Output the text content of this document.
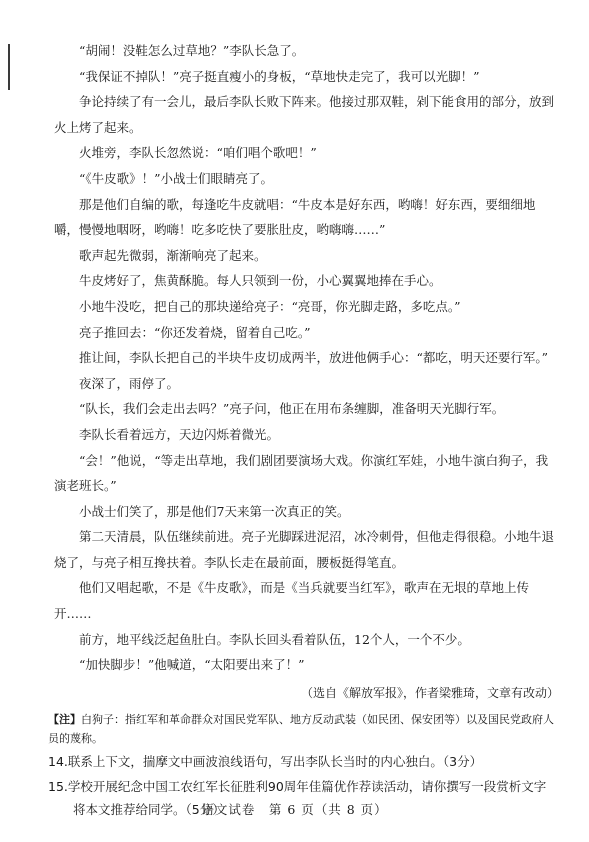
“胡闹！没鞋怎么过草地？”李队长急了。

“我保证不掉队！”亮子挺直瘦小的身板，“草地快走完了，我可以光脚！”

争论持续了有一会儿，最后李队长败下阵来。他接过那双鞋，剁下能食用的部分，放到火上烤了起来。

火堆旁，李队长忽然说：“咱们唱个歌吧！”

“《牛皮歌》！”小战士们眼睛亮了。

那是他们自编的歌，每逢吃牛皮就唱：“牛皮本是好东西，哟嗨！好东西，要细细地嚼，慢慢地咽呀，哟嗨！吃多吃快了要胀肚皮，哟嗨嗨……”

歌声起先微弱，渐渐响亮了起来。

牛皮烤好了，焦黄酥脆。每人只领到一份，小心翼翼地捧在手心。

小地牛没吃，把自己的那块递给亮子：“亮哥，你光脚走路，多吃点。”

亮子推回去：“你还发着烧，留着自己吃。”

推让间，李队长把自己的半块牛皮切成两半，放进他俩手心：“都吃，明天还要行军。”

夜深了，雨停了。

“队长，我们会走出去吗？”亮子问，他正在用布条缠脚，准备明天光脚行军。

李队长看着远方，天边闪烁着微光。

“会！”他说，“等走出草地，我们剧团要演场大戏。你演红军娃，小地牛演白狗子，我演老班长。”

小战士们笑了，那是他们7天来第一次真正的笑。

第二天清晨，队伍继续前进。亮子光脚踩进泥沼，冰冷刺骨，但他走得很稳。小地牛退烧了，与亮子相互搀扶着。李队长走在最前面，腰板挺得笔直。

他们又唱起歌，不是《牛皮歌》，而是《当兵就要当红军》，歌声在无垠的草地上传开……

前方，地平线泛起鱼肚白。李队长回头看着队伍，12个人，一个不少。

“加快脚步！”他喊道，“太阳要出来了！”

（选自《解放军报》，作者梁雅琦，文章有改动）

【注】白狗子：指红军和革命群众对国民党军队、地方反动武装（如民团、保安团等）以及国民党政府人员的蔑称。

14.联系上下文，揣摩文中画波浪线语句，写出李队长当时的内心独白。（3分）

15.学校开展纪念中国工农红军长征胜利90周年佳篇优作荐读活动，请你撰写一段赏析文字
将本文推荐给同学。（5分）

语文试卷　第 6 页（共 8 页）
